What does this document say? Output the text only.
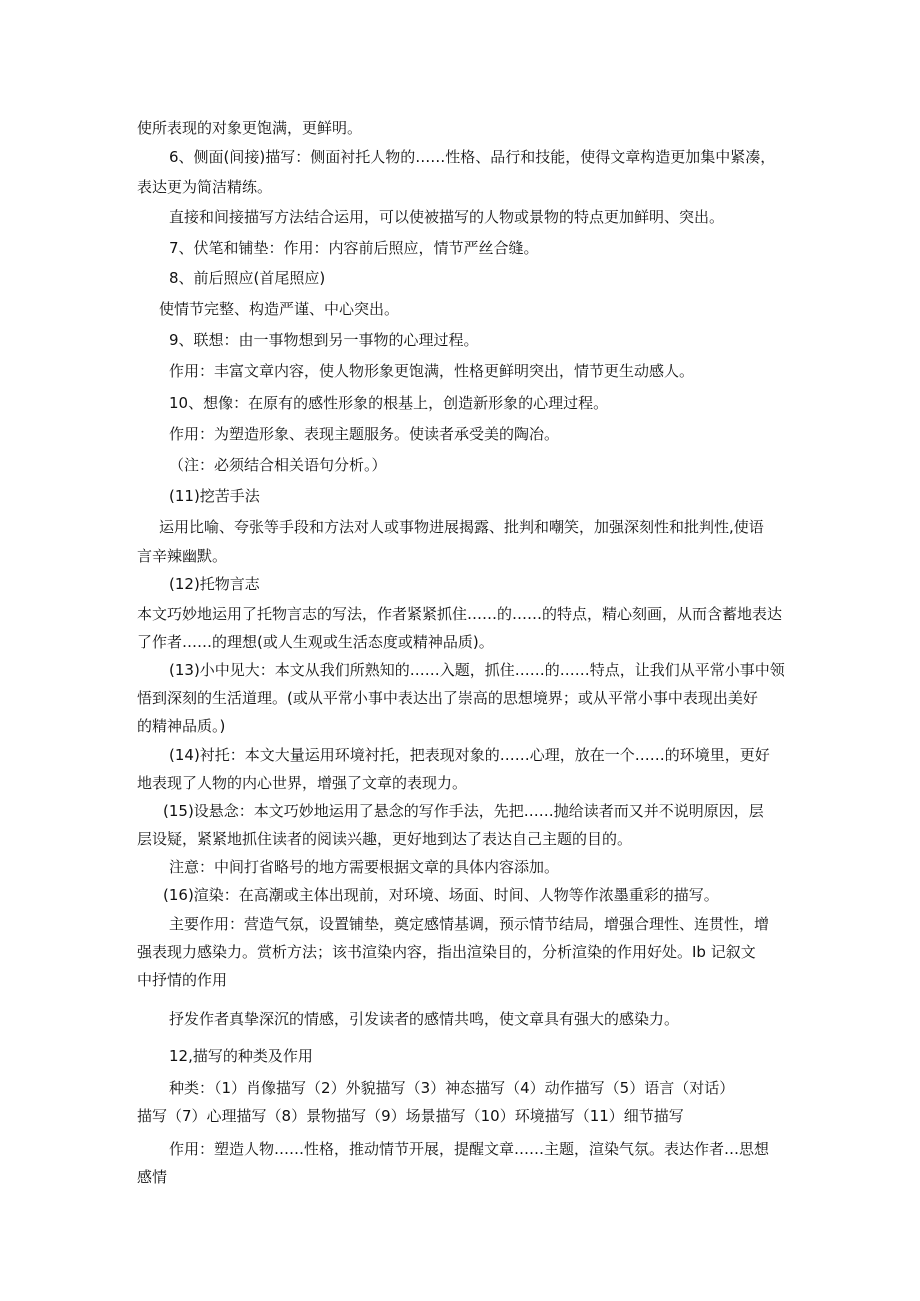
使所表现的对象更饱满，更鲜明。
6、侧面(间接)描写：侧面衬托人物的……性格、品行和技能，使得文章构造更加集中紧凑，
表达更为简洁精练。
直接和间接描写方法结合运用，可以使被描写的人物或景物的特点更加鲜明、突出。
7、伏笔和铺垫：作用：内容前后照应，情节严丝合缝。
8、前后照应(首尾照应)
使情节完整、构造严谨、中心突出。
9、联想：由一事物想到另一事物的心理过程。
作用：丰富文章内容，使人物形象更饱满，性格更鲜明突出，情节更生动感人。
10、想像：在原有的感性形象的根基上，创造新形象的心理过程。
作用：为塑造形象、表现主题服务。使读者承受美的陶冶。
（注：必须结合相关语句分析。）
(11)挖苦手法
运用比喻、夸张等手段和方法对人或事物进展揭露、批判和嘲笑，加强深刻性和批判性,使语
言辛辣幽默。
(12)托物言志
本文巧妙地运用了托物言志的写法，作者紧紧抓住……的……的特点，精心刻画，从而含蓄地表达
了作者……的理想(或人生观或生活态度或精神品质)。
(13)小中见大：本文从我们所熟知的……入题，抓住……的……特点，让我们从平常小事中领
悟到深刻的生活道理。(或从平常小事中表达出了崇高的思想境界；或从平常小事中表现出美好
的精神品质。)
(14)衬托：本文大量运用环境衬托，把表现对象的……心理，放在一个……的环境里，更好
地表现了人物的内心世界，增强了文章的表现力。
(15)设悬念：本文巧妙地运用了悬念的写作手法，先把……抛给读者而又并不说明原因，层
层设疑，紧紧地抓住读者的阅读兴趣，更好地到达了表达自己主题的目的。
注意：中间打省略号的地方需要根据文章的具体内容添加。
(16)渲染：在高潮或主体出现前，对环境、场面、时间、人物等作浓墨重彩的描写。
主要作用：营造气氛，设置铺垫，奠定感情基调，预示情节结局，增强合理性、连贯性，增
强表现力感染力。赏析方法；该书渲染内容，指出渲染目的，分析渲染的作用好处。Ib 记叙文
中抒情的作用
抒发作者真挚深沉的情感，引发读者的感情共鸣，使文章具有强大的感染力。
12,描写的种类及作用
种类：（1）肖像描写（2）外貌描写（3）神态描写（4）动作描写（5）语言（对话）
描写（7）心理描写（8）景物描写（9）场景描写（10）环境描写（11）细节描写
作用：塑造人物……性格，推动情节开展，提醒文章……主题，渲染气氛。表达作者…思想
感情
